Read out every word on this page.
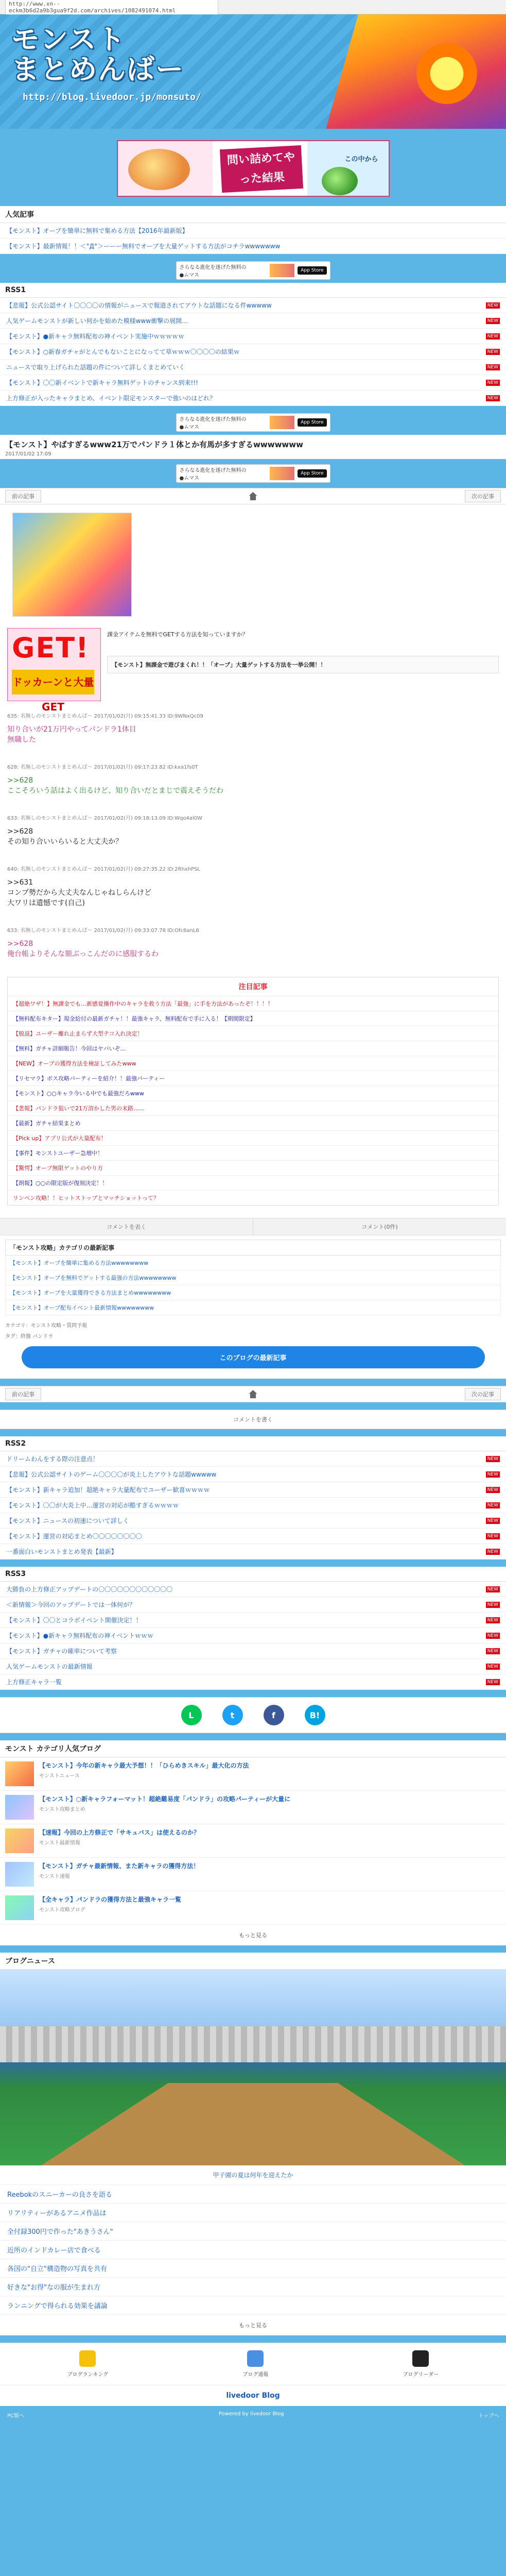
http://www.xn--eckm3b6d2a9b3gua9f2d.com/archives/1082491074.html
モンスト
まとめんばー
http://blog.livedoor.jp/monsuto/
問い詰めてやった結果
この中から
人気記事
【モンスト】オーブを簡単に無料で集める方法【2016年最新版】
【モンスト】最新情報！！＜°Д°＞ーーー無料でオーブを大量ゲットする方法がコチラwwwwwww
さらなる進化を遂げた無料の
●ムマス
App Store
RSS1
【悲報】公式公認サイト〇〇〇〇の情報がニュースで報道されてアウトな話題になる件wwwww	NEW
人気ゲームモンストが新しい何かを始めた模様www衝撃の展開…	NEW
【モンスト】●新キャラ無料配布の神イベント実施中ｗｗｗｗｗ	NEW
【モンスト】○新春ガチャがとんでもないことになってて草ｗｗｗ〇〇〇〇の結果ｗ	NEW
ニュースで取り上げられた話題の件について詳しくまとめていく	NEW
【モンスト】〇〇新イベントで新キャラ無料ゲットのチャンス到来!!!	NEW
上方修正が入ったキャラまとめ、イベント限定モンスターで強いのはどれ？	NEW
さらなる進化を遂げた無料の
●ムマス
App Store
【モンスト】やばすぎるwww21万でパンドラ１体とか有馬が多すぎるwwwwwww
2017/01/02 17:09
さらなる進化を遂げた無料の
●ムマス
App Store
前の記事	次の記事
GET!
ドッカーンと大量GET
課金アイテムを無料でGETする方法を知っていますか？
【モンスト】無課金で遊びまくれ！！「オーブ」大量ゲットする方法を一挙公開！！
635: 名無しのモンストまとめんば～ 2017/01/02(月) 09:15:41.33 ID:9WNxQc09
知り合いが21万円やってパンドラ1体目
無職した
628: 名無しのモンストまとめんば～ 2017/01/02(月) 09:17:23.82 ID:kxa1fs0T
>>628
ここそろいう話はよく出るけど、知り合いだとまじで震えそうだわ
633: 名無しのモンストまとめんば～ 2017/01/02(月) 09:18:13.09 ID:Wqo4al0W
>>628
その知り合いいらいると大丈夫か？
640: 名無しのモンストまとめんば～ 2017/01/02(月) 09:27:35.22 ID:2RhxhPSL
>>631
コンプ勢だから大丈夫なんじゃねしらんけど
大ワリは遺憾です(自己)
633: 名無しのモンストまとめんば～ 2017/01/02(月) 09:33:07.78 ID:Ofc6anL6
>>628
俺台帳よりそんな額ぶっこんだのに感服するわ
注目記事
【超絶ワザ！】無課金でも…新感覚操作中のキャラを救う方法「最強」に手を方法があったぞ！！！！
【無料配布キター】現金給付の最新ガチャ！！最強キャラ、無料配布で手に入る！【期間限定】
【脱退】ユーザー離れ止まらず大型テコ入れ決定！
【無料】ガチャ詳細報告！今回はヤバいぞ…
【NEW】オーブの獲得方法を検証してみたwww
【リセマラ】ボス攻略パーティーを紹介！！最強パーティー
【モンスト】○○キャラ今いる中でも最強だろwww
【悲報】パンドラ狙いで21万溶かした男の末路……
【最新】ガチャ結果まとめ
【Pick up】アプリ公式が大量配布！
【事件】モンストユーザー急増中！
【驚愕】オーブ無限ゲットのやり方
【朗報】○○の限定版が復刻決定！！
リンペン攻略！！ヒットストップとマッチショットって？
コメントを表く	コメント(0件)
「モンスト攻略」カテゴリの最新記事
【モンスト】オーブを簡単に集める方法wwwwwwww
【モンスト】オーブを無料でゲットする最強の方法wwwwwwww
【モンスト】オーブを大量獲得できる方法まとめwwwwwwww
【モンスト】オーブ配布イベント最新情報wwwwwwww
カテゴリ：モンスト攻略・質問予報
タグ：終盤 パンドラ
このブログの最新記事
前の記事	次の記事
コメントを書く
RSS2
ドリームわんをする際の注意点！	NEW
【悲報】公式公認サイトのゲーム〇〇〇〇が炎上したアウトな話題wwwww	NEW
【モンスト】新キャラ追加！超絶キャラ大量配布でユーザー歓喜ｗｗｗｗ	NEW
【モンスト】〇〇が大炎上中…運営の対応が酷すぎるｗｗｗｗ	NEW
【モンスト】ニュースの初速について詳しく	NEW
【モンスト】運営の対応まとめ〇〇〇〇〇〇〇〇	NEW
一番面白いモンストまとめ発表【最新】	NEW
RSS3
大勝負の上方修正アップデートの〇〇〇〇〇〇〇〇〇〇〇〇	NEW
＜新情報＞今回のアップデートでは一体何が？	NEW
【モンスト】〇〇とコラボイベント開催決定！！	NEW
【モンスト】●新キャラ無料配布の神イベントｗｗｗ	NEW
【モンスト】ガチャの確率について考察	NEW
人気ゲームモンストの最新情報	NEW
上方修正キャラ一覧	NEW
L	t	f	B!
モンスト カテゴリ人気ブログ
【モンスト】今年の新キャラ最大予想！！「ひらめきスキル」最大化の方法
モンストニュース
【モンスト】○新キャラフォーマット！超絶難易度「パンドラ」の攻略パーティーが大量に
モンスト攻略まとめ
【速報】今回の上方修正で「サキュバス」は使えるのか？
モンスト最新情報
【モンスト】ガチャ最新情報、また新キャラの獲得方法！
モンスト速報
【全キャラ】パンドラの獲得方法と最強キャラ一覧
モンスト攻略ブログ
もっと見る
ブログニュース
甲子園の夏は何年を迎えたか
Reebokのスニーカーの良さを語る
リアリティーがあるアニメ作品は
全付録300円で作った"あきうさん"
近所のインドカレー店で食べる
各国の"自立"構造物の写真を共有
好きな"お得"なの服が生まれ方
ランニングで得られる効果を議論
もっと見る
ブログランキング	ブログ通報	ブログリーダー
livedoor Blog
PC版へ	Powered by livedoor Blog	トップへ
